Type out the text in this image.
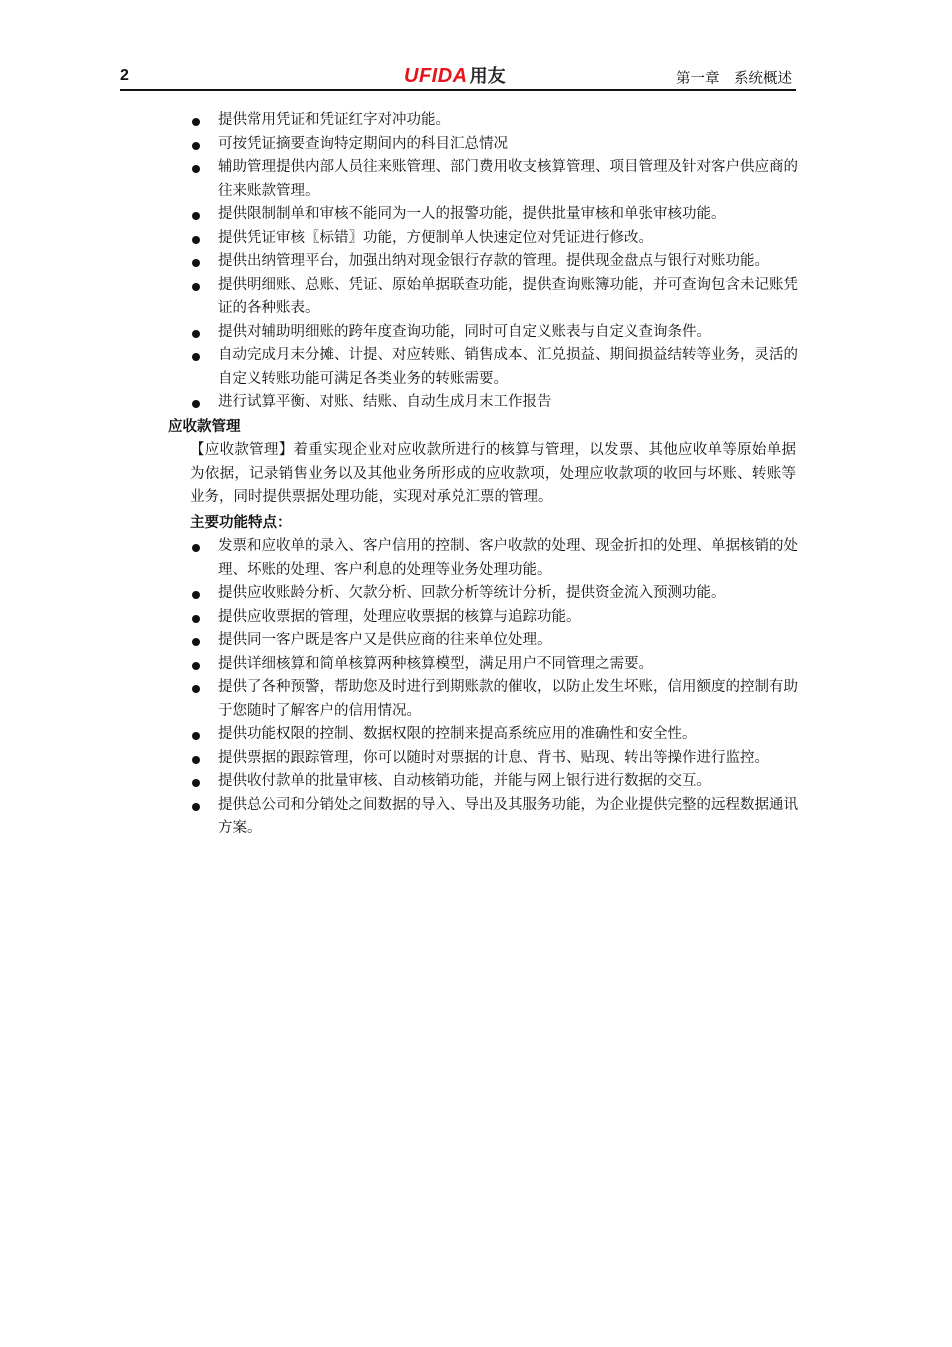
2	UFIDA 用友	第一章　系统概述
提供常用凭证和凭证红字对冲功能。
可按凭证摘要查询特定期间内的科目汇总情况
辅助管理提供内部人员往来账管理、部门费用收支核算管理、项目管理及针对客户供应商的往来账款管理。
提供限制制单和审核不能同为一人的报警功能，提供批量审核和单张审核功能。
提供凭证审核〖标错〗功能，方便制单人快速定位对凭证进行修改。
提供出纳管理平台，加强出纳对现金银行存款的管理。提供现金盘点与银行对账功能。
提供明细账、总账、凭证、原始单据联查功能，提供查询账簿功能，并可查询包含未记账凭证的各种账表。
提供对辅助明细账的跨年度查询功能，同时可自定义账表与自定义查询条件。
自动完成月末分摊、计提、对应转账、销售成本、汇兑损益、期间损益结转等业务，灵活的自定义转账功能可满足各类业务的转账需要。
进行试算平衡、对账、结账、自动生成月末工作报告
应收款管理
【应收款管理】着重实现企业对应收款所进行的核算与管理，以发票、其他应收单等原始单据为依据，记录销售业务以及其他业务所形成的应收款项，处理应收款项的收回与坏账、转账等业务，同时提供票据处理功能，实现对承兑汇票的管理。
主要功能特点：
发票和应收单的录入、客户信用的控制、客户收款的处理、现金折扣的处理、单据核销的处理、坏账的处理、客户利息的处理等业务处理功能。
提供应收账龄分析、欠款分析、回款分析等统计分析，提供资金流入预测功能。
提供应收票据的管理，处理应收票据的核算与追踪功能。
提供同一客户既是客户又是供应商的往来单位处理。
提供详细核算和简单核算两种核算模型，满足用户不同管理之需要。
提供了各种预警，帮助您及时进行到期账款的催收，以防止发生坏账，信用额度的控制有助于您随时了解客户的信用情况。
提供功能权限的控制、数据权限的控制来提高系统应用的准确性和安全性。
提供票据的跟踪管理，你可以随时对票据的计息、背书、贴现、转出等操作进行监控。
提供收付款单的批量审核、自动核销功能，并能与网上银行进行数据的交互。
提供总公司和分销处之间数据的导入、导出及其服务功能，为企业提供完整的远程数据通讯方案。
